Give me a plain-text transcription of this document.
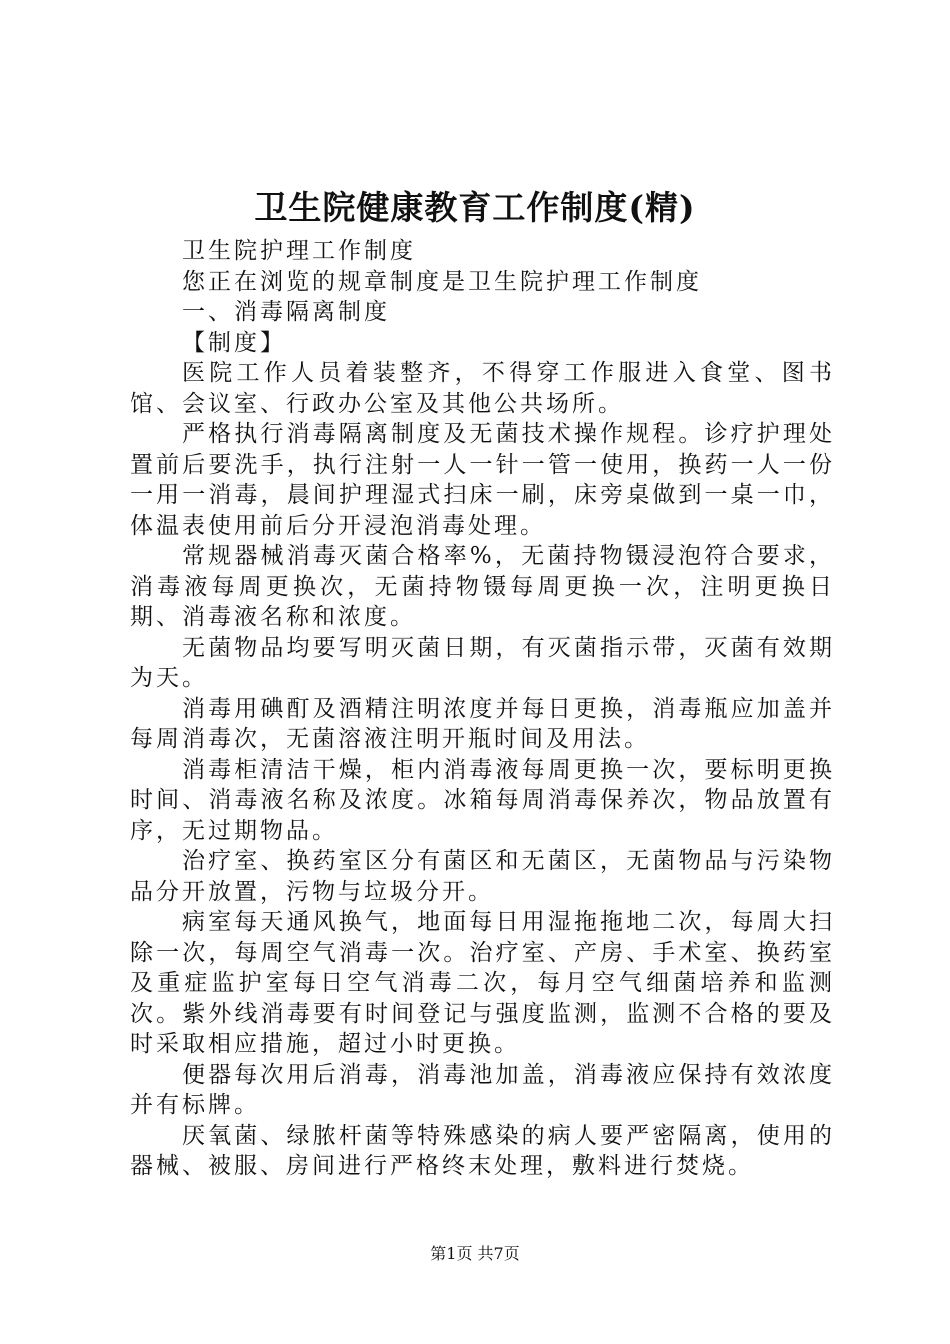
卫生院健康教育工作制度(精)

卫生院护理工作制度

您正在浏览的规章制度是卫生院护理工作制度

一、消毒隔离制度

【制度】

医院工作人员着装整齐，不得穿工作服进入食堂、图书馆、会议室、行政办公室及其他公共场所。

严格执行消毒隔离制度及无菌技术操作规程。诊疗护理处置前后要洗手，执行注射一人一针一管一使用，换药一人一份一用一消毒，晨间护理湿式扫床一刷，床旁桌做到一桌一巾，体温表使用前后分开浸泡消毒处理。

常规器械消毒灭菌合格率%，无菌持物镊浸泡符合要求，消毒液每周更换次，无菌持物镊每周更换一次，注明更换日期、消毒液名称和浓度。

无菌物品均要写明灭菌日期，有灭菌指示带，灭菌有效期为天。

消毒用碘酊及酒精注明浓度并每日更换，消毒瓶应加盖并每周消毒次，无菌溶液注明开瓶时间及用法。

消毒柜清洁干燥，柜内消毒液每周更换一次，要标明更换时间、消毒液名称及浓度。冰箱每周消毒保养次，物品放置有序，无过期物品。

治疗室、换药室区分有菌区和无菌区，无菌物品与污染物品分开放置，污物与垃圾分开。

病室每天通风换气，地面每日用湿拖拖地二次，每周大扫除一次，每周空气消毒一次。治疗室、产房、手术室、换药室及重症监护室每日空气消毒二次，每月空气细菌培养和监测次。紫外线消毒要有时间登记与强度监测，监测不合格的要及时采取相应措施，超过小时更换。

便器每次用后消毒，消毒池加盖，消毒液应保持有效浓度并有标牌。

厌氧菌、绿脓杆菌等特殊感染的病人要严密隔离，使用的器械、被服、房间进行严格终末处理，敷料进行焚烧。

第1页 共7页
